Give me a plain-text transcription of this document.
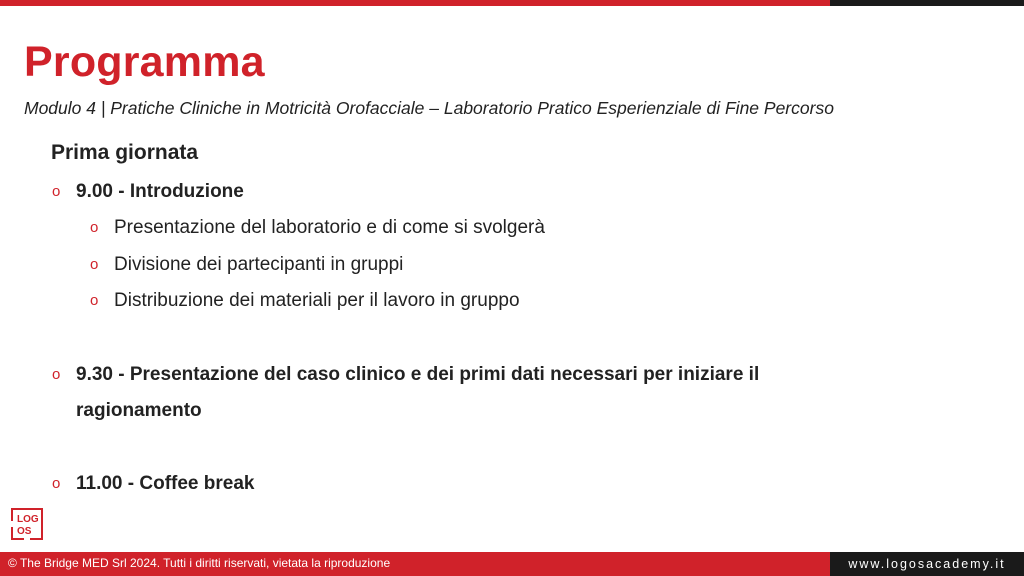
Programma
Modulo 4 | Pratiche Cliniche in Motricità Orofacciale – Laboratorio Pratico Esperienziale di Fine Percorso
Prima giornata
o 9.00 - Introduzione
o Presentazione del laboratorio e di come si svolgerà
o Divisione dei partecipanti in gruppi
o Distribuzione dei materiali per il lavoro in gruppo
o 9.30 - Presentazione del caso clinico e dei primi dati necessari per iniziare il
ragionamento
o 11.00 - Coffee break
LOG
OS
© The Bridge MED Srl 2024. Tutti i diritti riservati, vietata la riproduzione	www.logosacademy.it
